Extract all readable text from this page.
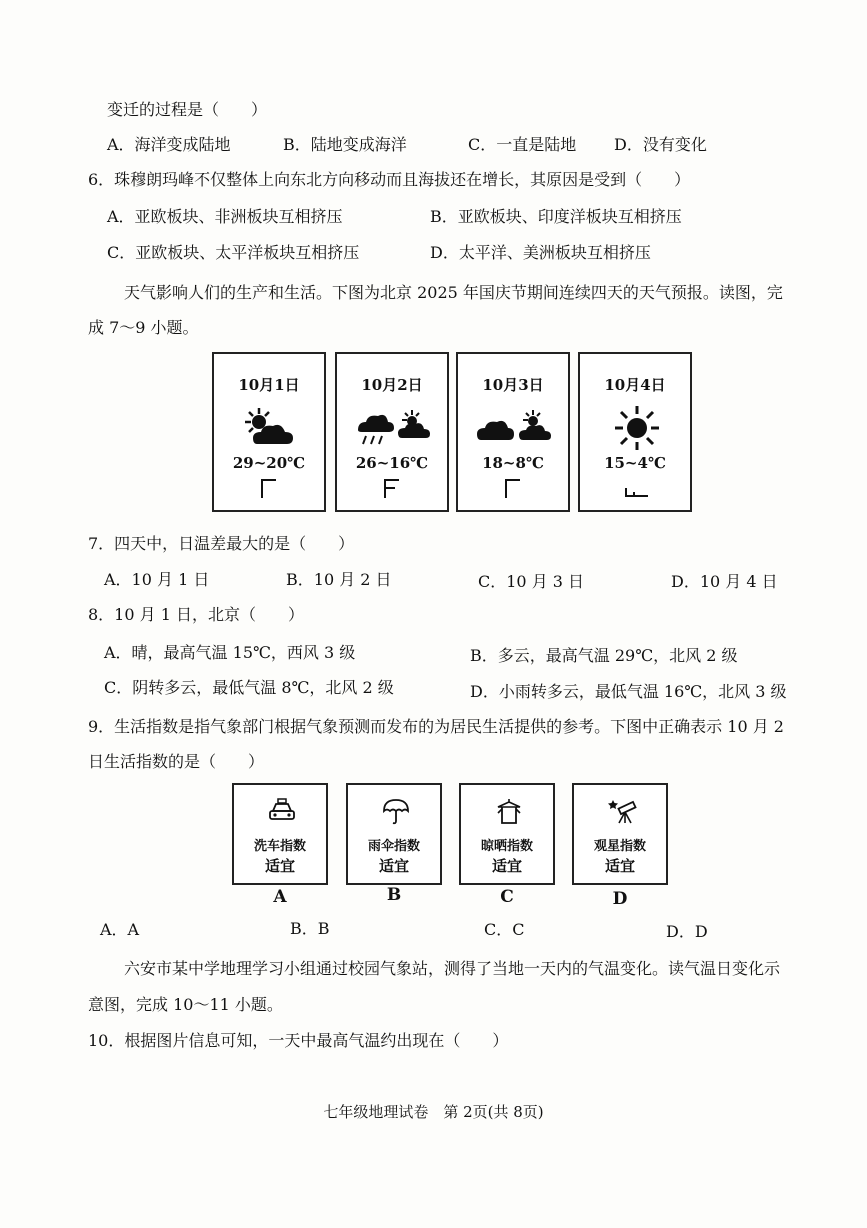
变迁的过程是（　　）
A．海洋变成陆地	B．陆地变成海洋	C．一直是陆地 D．没有变化
6．珠穆朗玛峰不仅整体上向东北方向移动而且海拔还在增长，其原因是受到（　　）
A．亚欧板块、非洲板块互相挤压	B．亚欧板块、印度洋板块互相挤压
C．亚欧板块、太平洋板块互相挤压	D．太平洋、美洲板块互相挤压
天气影响人们的生产和生活。下图为北京 2025 年国庆节期间连续四天的天气预报。读图，完
成 7～9 小题。
10月1日
29~20℃
10月2日
26~16℃
10月3日
18~8℃
10月4日
15~4℃
7．四天中，日温差最大的是（　　）
A．10 月 1 日	B．10 月 2 日	C．10 月 3 日	D．10 月 4 日
8．10 月 1 日，北京（　　）
A．晴，最高气温 15℃，西风 3 级	B．多云，最高气温 29℃，北风 2 级
C．阴转多云，最低气温 8℃，北风 2 级	D．小雨转多云，最低气温 16℃，北风 3 级
9．生活指数是指气象部门根据气象预测而发布的为居民生活提供的参考。下图中正确表示 10 月 2
日生活指数的是（　　）
洗车指数
适宜
雨伞指数
适宜
晾晒指数
适宜
观星指数
适宜
A	B	C	D
A．A	B．B	C．C	D．D
六安市某中学地理学习小组通过校园气象站，测得了当地一天内的气温变化。读气温日变化示
意图，完成 10～11 小题。
10．根据图片信息可知，一天中最高气温约出现在（　　）
七年级地理试卷　第 2页(共 8页)
